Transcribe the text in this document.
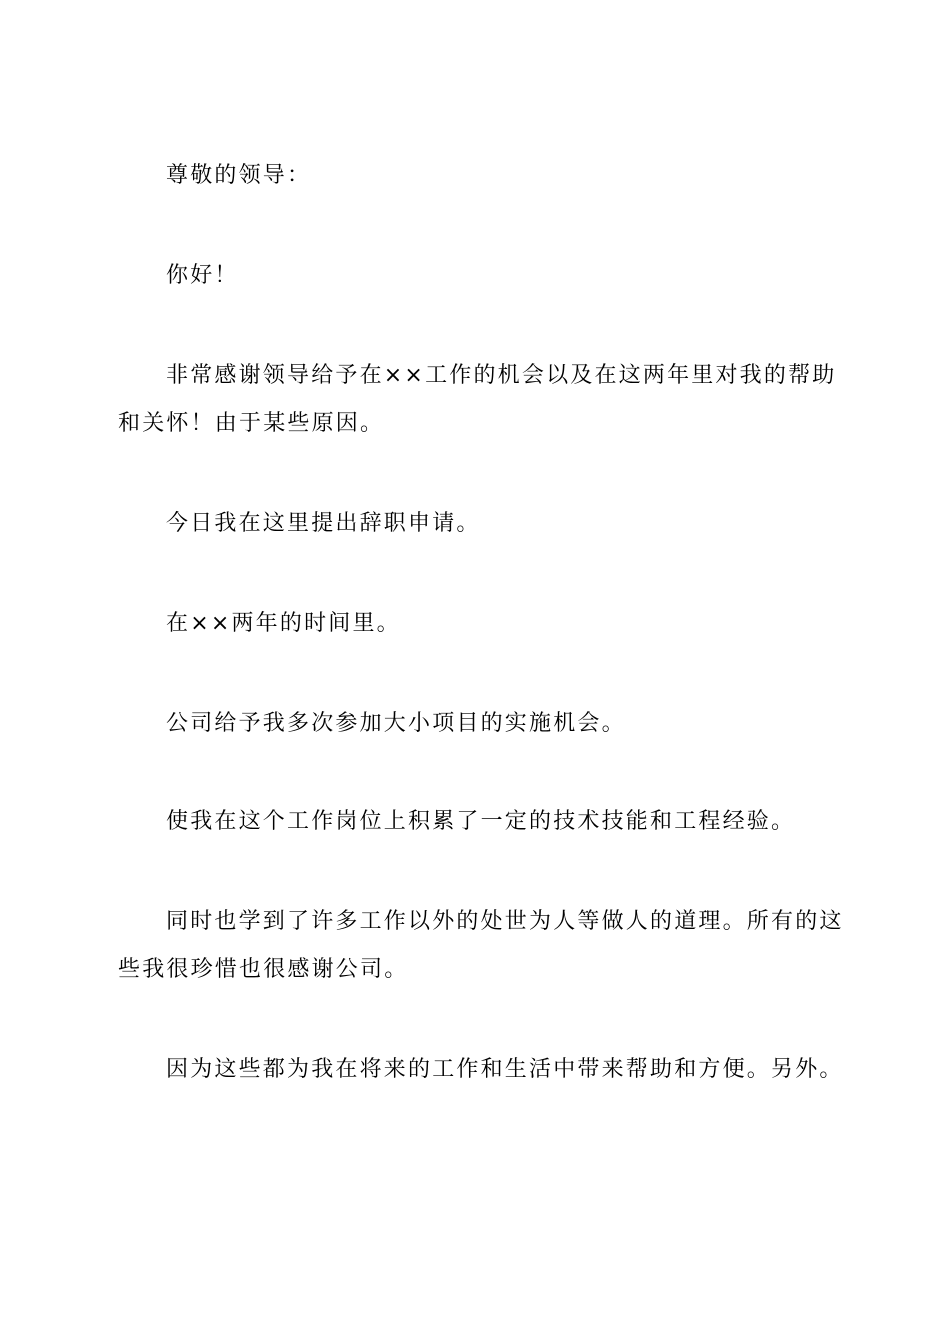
尊敬的领导：

你好！

非常感谢领导给予在××工作的机会以及在这两年里对我的帮助和关怀！由于某些原因。

今日我在这里提出辞职申请。

在××两年的时间里。

公司给予我多次参加大小项目的实施机会。

使我在这个工作岗位上积累了一定的技术技能和工程经验。

同时也学到了许多工作以外的处世为人等做人的道理。所有的这些我很珍惜也很感谢公司。

因为这些都为我在将来的工作和生活中带来帮助和方便。另外。
